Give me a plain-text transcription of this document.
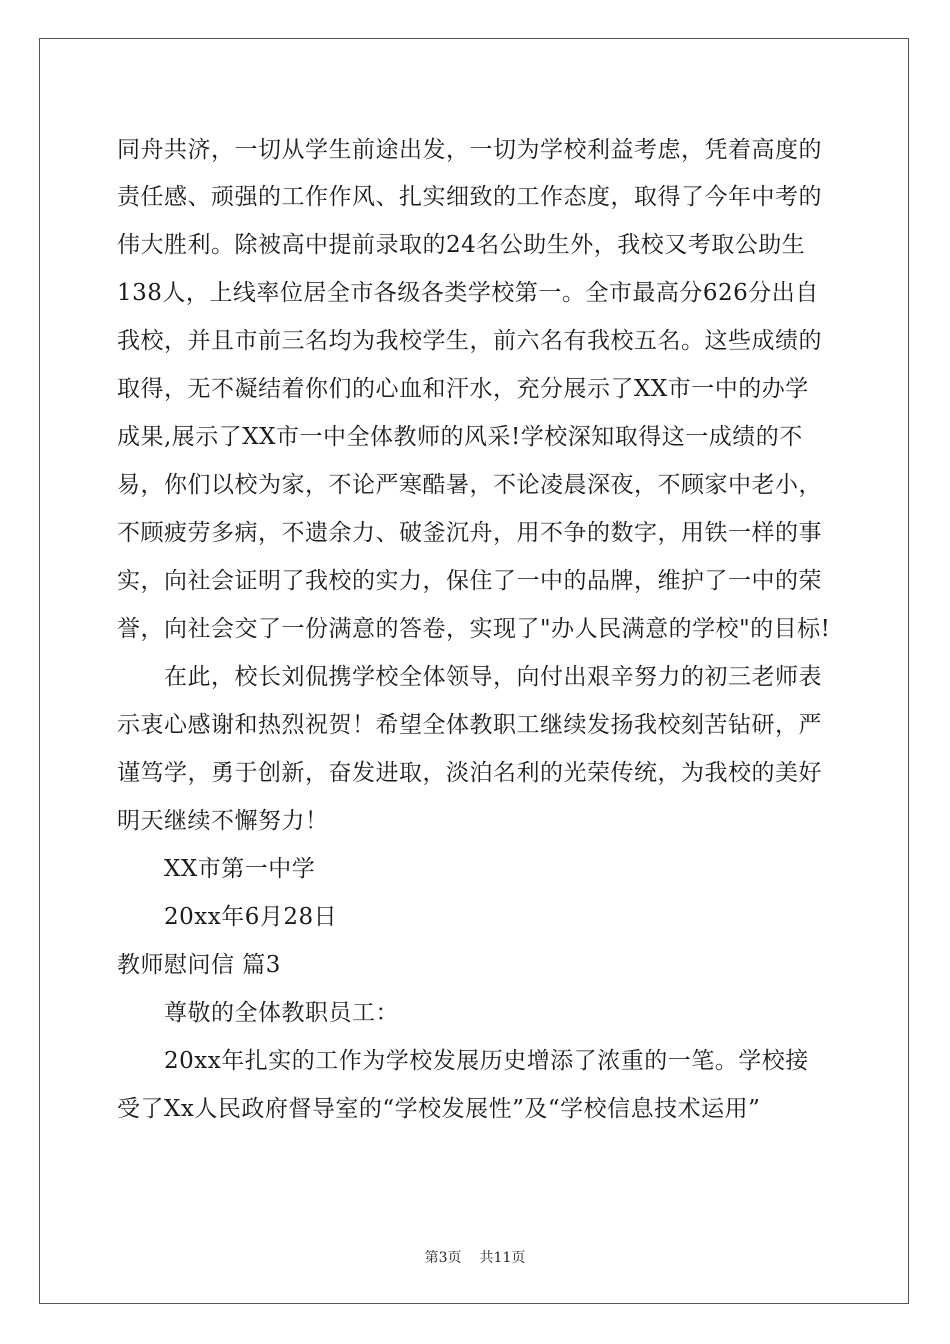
同舟共济，一切从学生前途出发，一切为学校利益考虑，凭着高度的
责任感、顽强的工作作风、扎实细致的工作态度，取得了今年中考的
伟大胜利。除被高中提前录取的24名公助生外，我校又考取公助生
138人，上线率位居全市各级各类学校第一。全市最高分626分出自
我校，并且市前三名均为我校学生，前六名有我校五名。这些成绩的
取得，无不凝结着你们的心血和汗水，充分展示了XX市一中的办学
成果,展示了XX市一中全体教师的风采!学校深知取得这一成绩的不
易，你们以校为家，不论严寒酷暑，不论凌晨深夜，不顾家中老小，
不顾疲劳多病，不遗余力、破釜沉舟，用不争的数字，用铁一样的事
实，向社会证明了我校的实力，保住了一中的品牌，维护了一中的荣
誉，向社会交了一份满意的答卷，实现了"办人民满意的学校"的目标!
在此，校长刘侃携学校全体领导，向付出艰辛努力的初三老师表
示衷心感谢和热烈祝贺！希望全体教职工继续发扬我校刻苦钻研，严
谨笃学，勇于创新，奋发进取，淡泊名利的光荣传统，为我校的美好
明天继续不懈努力！
XX市第一中学
20xx年6月28日
教师慰问信 篇3
尊敬的全体教职员工：
20xx年扎实的工作为学校发展历史增添了浓重的一笔。学校接
受了Xx人民政府督导室的“学校发展性”及“学校信息技术运用”
第3页 共11页
